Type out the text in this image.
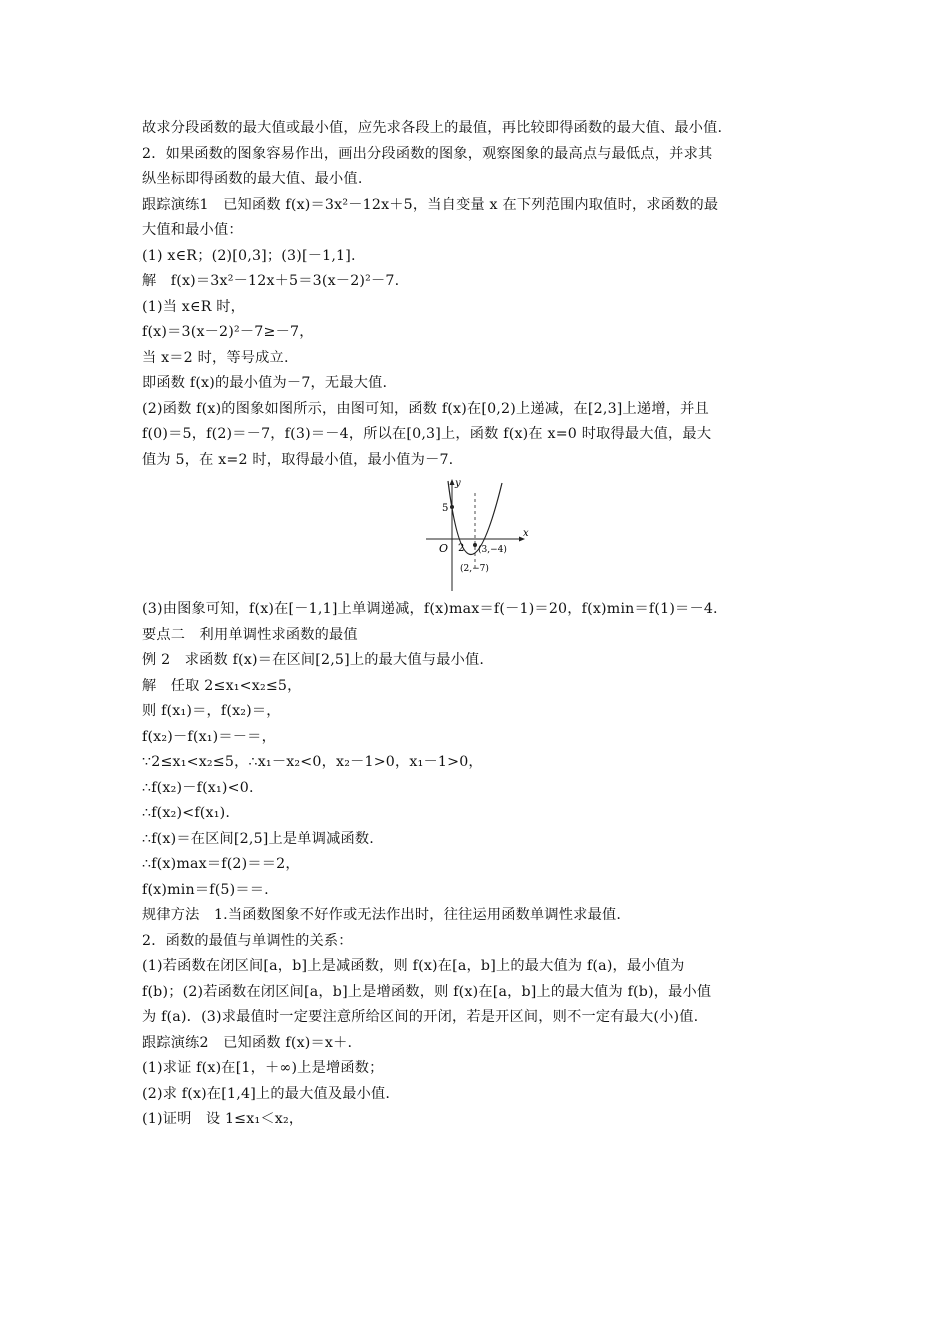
故求分段函数的最大值或最小值，应先求各段上的最值，再比较即得函数的最大值、最小值.
2．如果函数的图象容易作出，画出分段函数的图象，观察图象的最高点与最低点，并求其
纵坐标即得函数的最大值、最小值.
跟踪演练1　已知函数 f(x)＝3x²－12x＋5，当自变量 x 在下列范围内取值时，求函数的最
大值和最小值：
(1) x∈R；(2)[0,3]；(3)[－1,1].
解　f(x)＝3x²－12x＋5＝3(x－2)²－7.
(1)当 x∈R 时，
f(x)＝3(x－2)²－7≥－7，
当 x＝2 时，等号成立.
即函数 f(x)的最小值为－7，无最大值.
(2)函数 f(x)的图象如图所示，由图可知，函数 f(x)在[0,2)上递减，在[2,3]上递增，并且
f(0)＝5，f(2)＝－7，f(3)＝－4，所以在[0,3]上，函数 f(x)在 x=0 时取得最大值，最大
值为 5，在 x=2 时，取得最小值，最小值为－7.
y
x
O
5
2 (3,−4)
(2,−7)
(3)由图象可知，f(x)在[－1,1]上单调递减，f(x)max＝f(－1)＝20，f(x)min＝f(1)＝－4.
要点二　利用单调性求函数的最值
例 2　求函数 f(x)＝在区间[2,5]上的最大值与最小值.
解　任取 2≤x₁<x₂≤5，
则 f(x₁)＝，f(x₂)＝，
f(x₂)－f(x₁)＝－＝，
∵2≤x₁<x₂≤5，∴x₁－x₂<0，x₂－1>0，x₁－1>0，
∴f(x₂)－f(x₁)<0.
∴f(x₂)<f(x₁).
∴f(x)＝在区间[2,5]上是单调减函数.
∴f(x)max＝f(2)＝＝2，
f(x)min＝f(5)＝＝.
规律方法　1.当函数图象不好作或无法作出时，往往运用函数单调性求最值.
2．函数的最值与单调性的关系：
(1)若函数在闭区间[a，b]上是减函数，则 f(x)在[a，b]上的最大值为 f(a)，最小值为
f(b)；(2)若函数在闭区间[a，b]上是增函数，则 f(x)在[a，b]上的最大值为 f(b)，最小值
为 f(a)．(3)求最值时一定要注意所给区间的开闭，若是开区间，则不一定有最大(小)值.
跟踪演练2　已知函数 f(x)＝x＋.
(1)求证 f(x)在[1，＋∞)上是增函数；
(2)求 f(x)在[1,4]上的最大值及最小值.
(1)证明　设 1≤x₁＜x₂，
